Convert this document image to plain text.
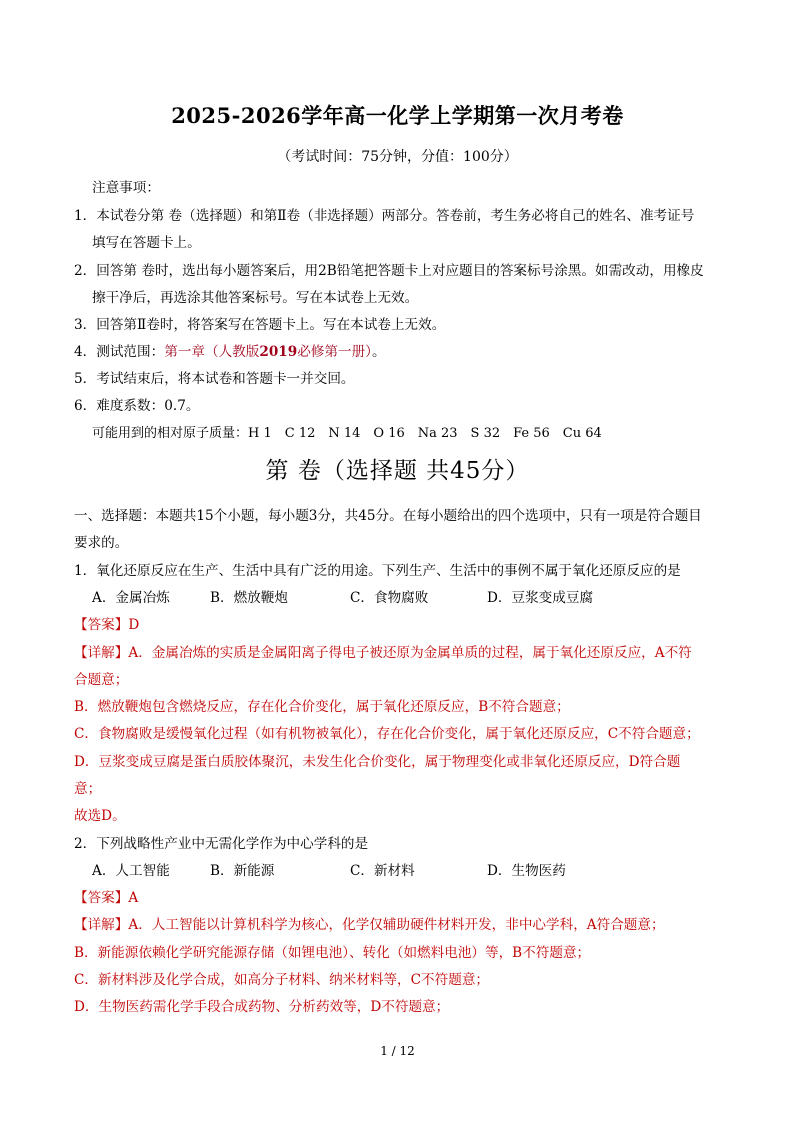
2025-2026学年高一化学上学期第一次月考卷
（考试时间：75分钟，分值：100分）
注意事项：
1．本试卷分第 卷（选择题）和第Ⅱ卷（非选择题）两部分。答卷前，考生务必将自己的姓名、准考证号
填写在答题卡上。
2．回答第 卷时，选出每小题答案后，用2B铅笔把答题卡上对应题目的答案标号涂黑。如需改动，用橡皮
擦干净后，再选涂其他答案标号。写在本试卷上无效。
3．回答第Ⅱ卷时，将答案写在答题卡上。写在本试卷上无效。
4．测试范围：第一章（人教版2019必修第一册）。
5．考试结束后，将本试卷和答题卡一并交回。
6．难度系数：0.7。
可能用到的相对原子质量：H 1　C 12　N 14　O 16　Na 23　S 32　Fe 56　Cu 64
第 卷（选择题 共45分）
一、选择题：本题共15个小题，每小题3分，共45分。在每小题给出的四个选项中，只有一项是符合题目
要求的。
1．氧化还原反应在生产、生活中具有广泛的用途。下列生产、生活中的事例不属于氧化还原反应的是
A．金属冶炼	B．燃放鞭炮	C．食物腐败	D．豆浆变成豆腐
【答案】D
【详解】A．金属冶炼的实质是金属阳离子得电子被还原为金属单质的过程，属于氧化还原反应，A不符
合题意；
B．燃放鞭炮包含燃烧反应，存在化合价变化，属于氧化还原反应，B不符合题意；
C．食物腐败是缓慢氧化过程（如有机物被氧化），存在化合价变化，属于氧化还原反应，C不符合题意；
D．豆浆变成豆腐是蛋白质胶体聚沉，未发生化合价变化，属于物理变化或非氧化还原反应，D符合题
意；
故选D。
2．下列战略性产业中无需化学作为中心学科的是
A．人工智能	B．新能源	C．新材料	D．生物医药
【答案】A
【详解】A．人工智能以计算机科学为核心，化学仅辅助硬件材料开发，非中心学科，A符合题意；
B．新能源依赖化学研究能源存储（如锂电池）、转化（如燃料电池）等，B不符题意；
C．新材料涉及化学合成，如高分子材料、纳米材料等，C不符题意；
D．生物医药需化学手段合成药物、分析药效等，D不符题意；
1 / 12
